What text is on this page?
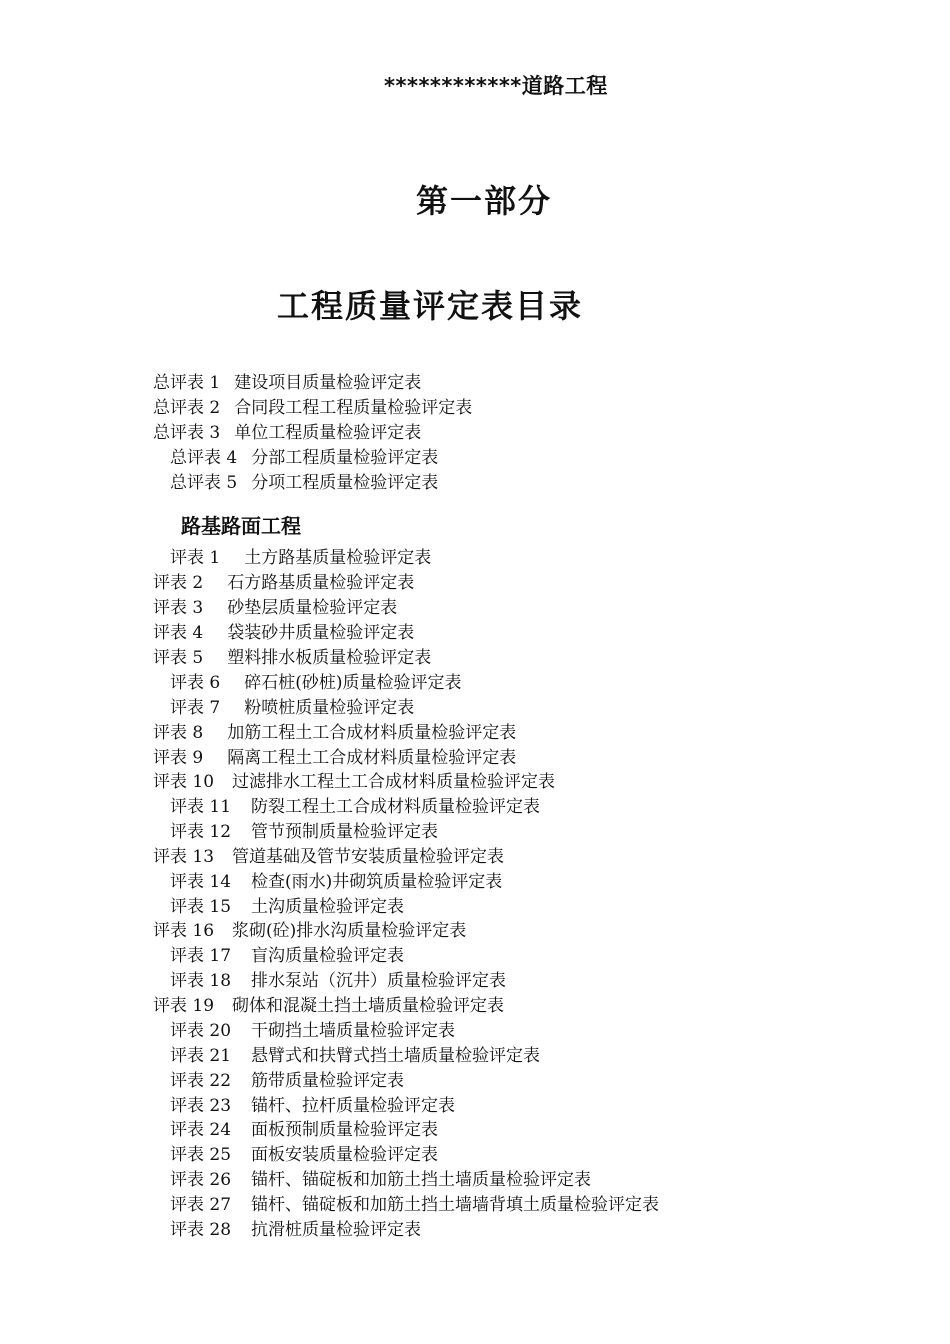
************道路工程
第一部分
工程质量评定表目录
总评表 1 建设项目质量检验评定表
总评表 2 合同段工程工程质量检验评定表
总评表 3 单位工程质量检验评定表
总评表 4 分部工程质量检验评定表
总评表 5 分项工程质量检验评定表
路基路面工程
评表 1 土方路基质量检验评定表
评表 2 石方路基质量检验评定表
评表 3 砂垫层质量检验评定表
评表 4 袋装砂井质量检验评定表
评表 5 塑料排水板质量检验评定表
评表 6 碎石桩(砂桩)质量检验评定表
评表 7 粉喷桩质量检验评定表
评表 8 加筋工程土工合成材料质量检验评定表
评表 9 隔离工程土工合成材料质量检验评定表
评表 10 过滤排水工程土工合成材料质量检验评定表
评表 11 防裂工程土工合成材料质量检验评定表
评表 12 管节预制质量检验评定表
评表 13 管道基础及管节安装质量检验评定表
评表 14 检查(雨水)井砌筑质量检验评定表
评表 15 土沟质量检验评定表
评表 16 浆砌(砼)排水沟质量检验评定表
评表 17 盲沟质量检验评定表
评表 18 排水泵站（沉井）质量检验评定表
评表 19 砌体和混凝土挡土墙质量检验评定表
评表 20 干砌挡土墙质量检验评定表
评表 21 悬臂式和扶臂式挡土墙质量检验评定表
评表 22 筋带质量检验评定表
评表 23 锚杆、拉杆质量检验评定表
评表 24 面板预制质量检验评定表
评表 25 面板安装质量检验评定表
评表 26 锚杆、锚碇板和加筋土挡土墙质量检验评定表
评表 27 锚杆、锚碇板和加筋土挡土墙墙背填土质量检验评定表
评表 28 抗滑桩质量检验评定表
